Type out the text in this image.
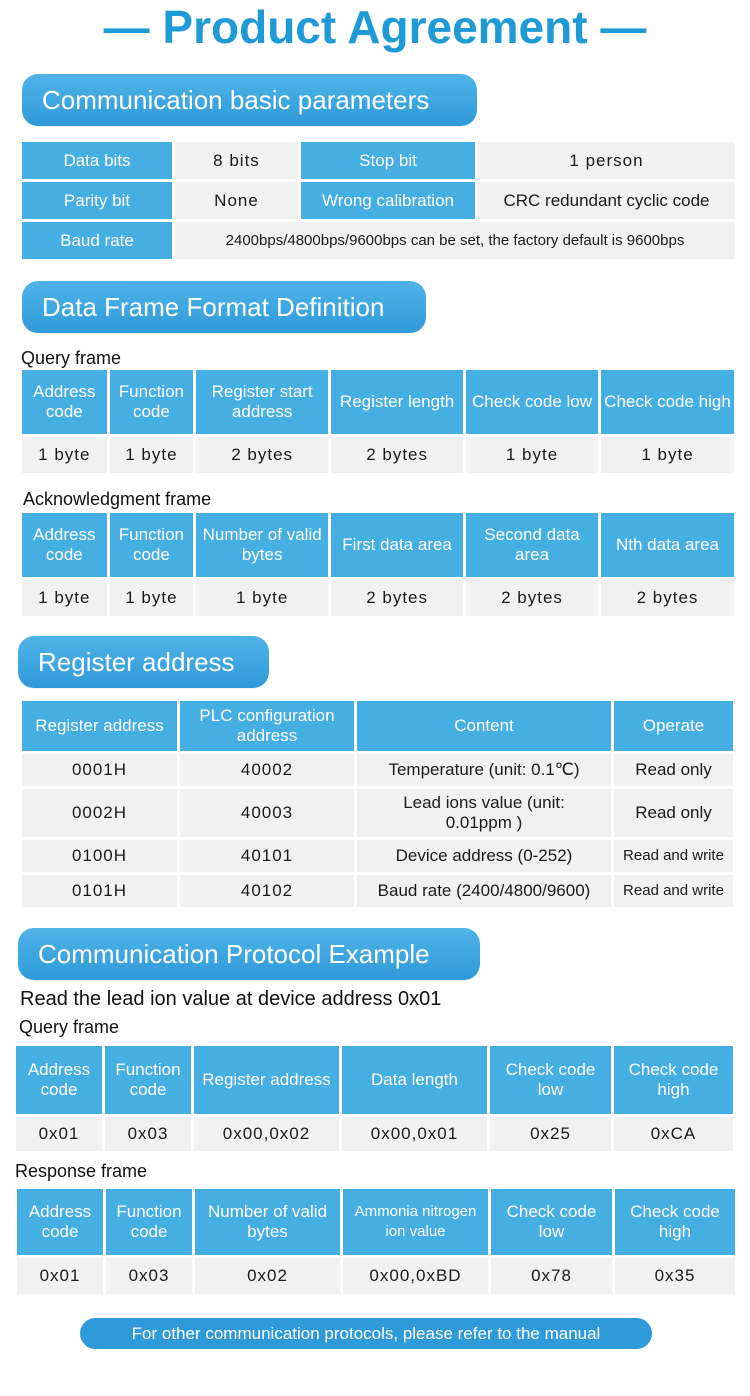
— Product Agreement —
Communication basic parameters
Data bits	8 bits	Stop bit	1 person
Parity bit	None	Wrong calibration	CRC redundant cyclic code
Baud rate	2400bps/4800bps/9600bps can be set, the factory default is 9600bps		
Data Frame Format Definition
Query frame
Address code	Function code	Register start address	Register length	Check code low	Check code high
1 byte	1 byte	2 bytes	2 bytes	1 byte	1 byte
Acknowledgment frame
Address code	Function code	Number of valid bytes	First data area	Second data area	Nth data area
1 byte	1 byte	1 byte	2 bytes	2 bytes	2 bytes
Register address
Register address	PLC configuration address	Content	Operate
0001H	40002	Temperature (unit: 0.1℃)	Read only
0002H	40003	Lead ions value (unit: 0.01ppm )	Read only
0100H	40101	Device address (0-252)	Read and write
0101H	40102	Baud rate (2400/4800/9600)	Read and write
Communication Protocol Example
Read the lead ion value at device address 0x01
Query frame
Address code	Function code	Register address	Data length	Check code low	Check code high
0x01	0x03	0x00,0x02	0x00,0x01	0x25	0xCA
Response frame
Address code	Function code	Number of valid bytes	Ammonia nitrogen ion value	Check code low	Check code high
0x01	0x03	0x02	0x00,0xBD	0x78	0x35
For other communication protocols, please refer to the manual
